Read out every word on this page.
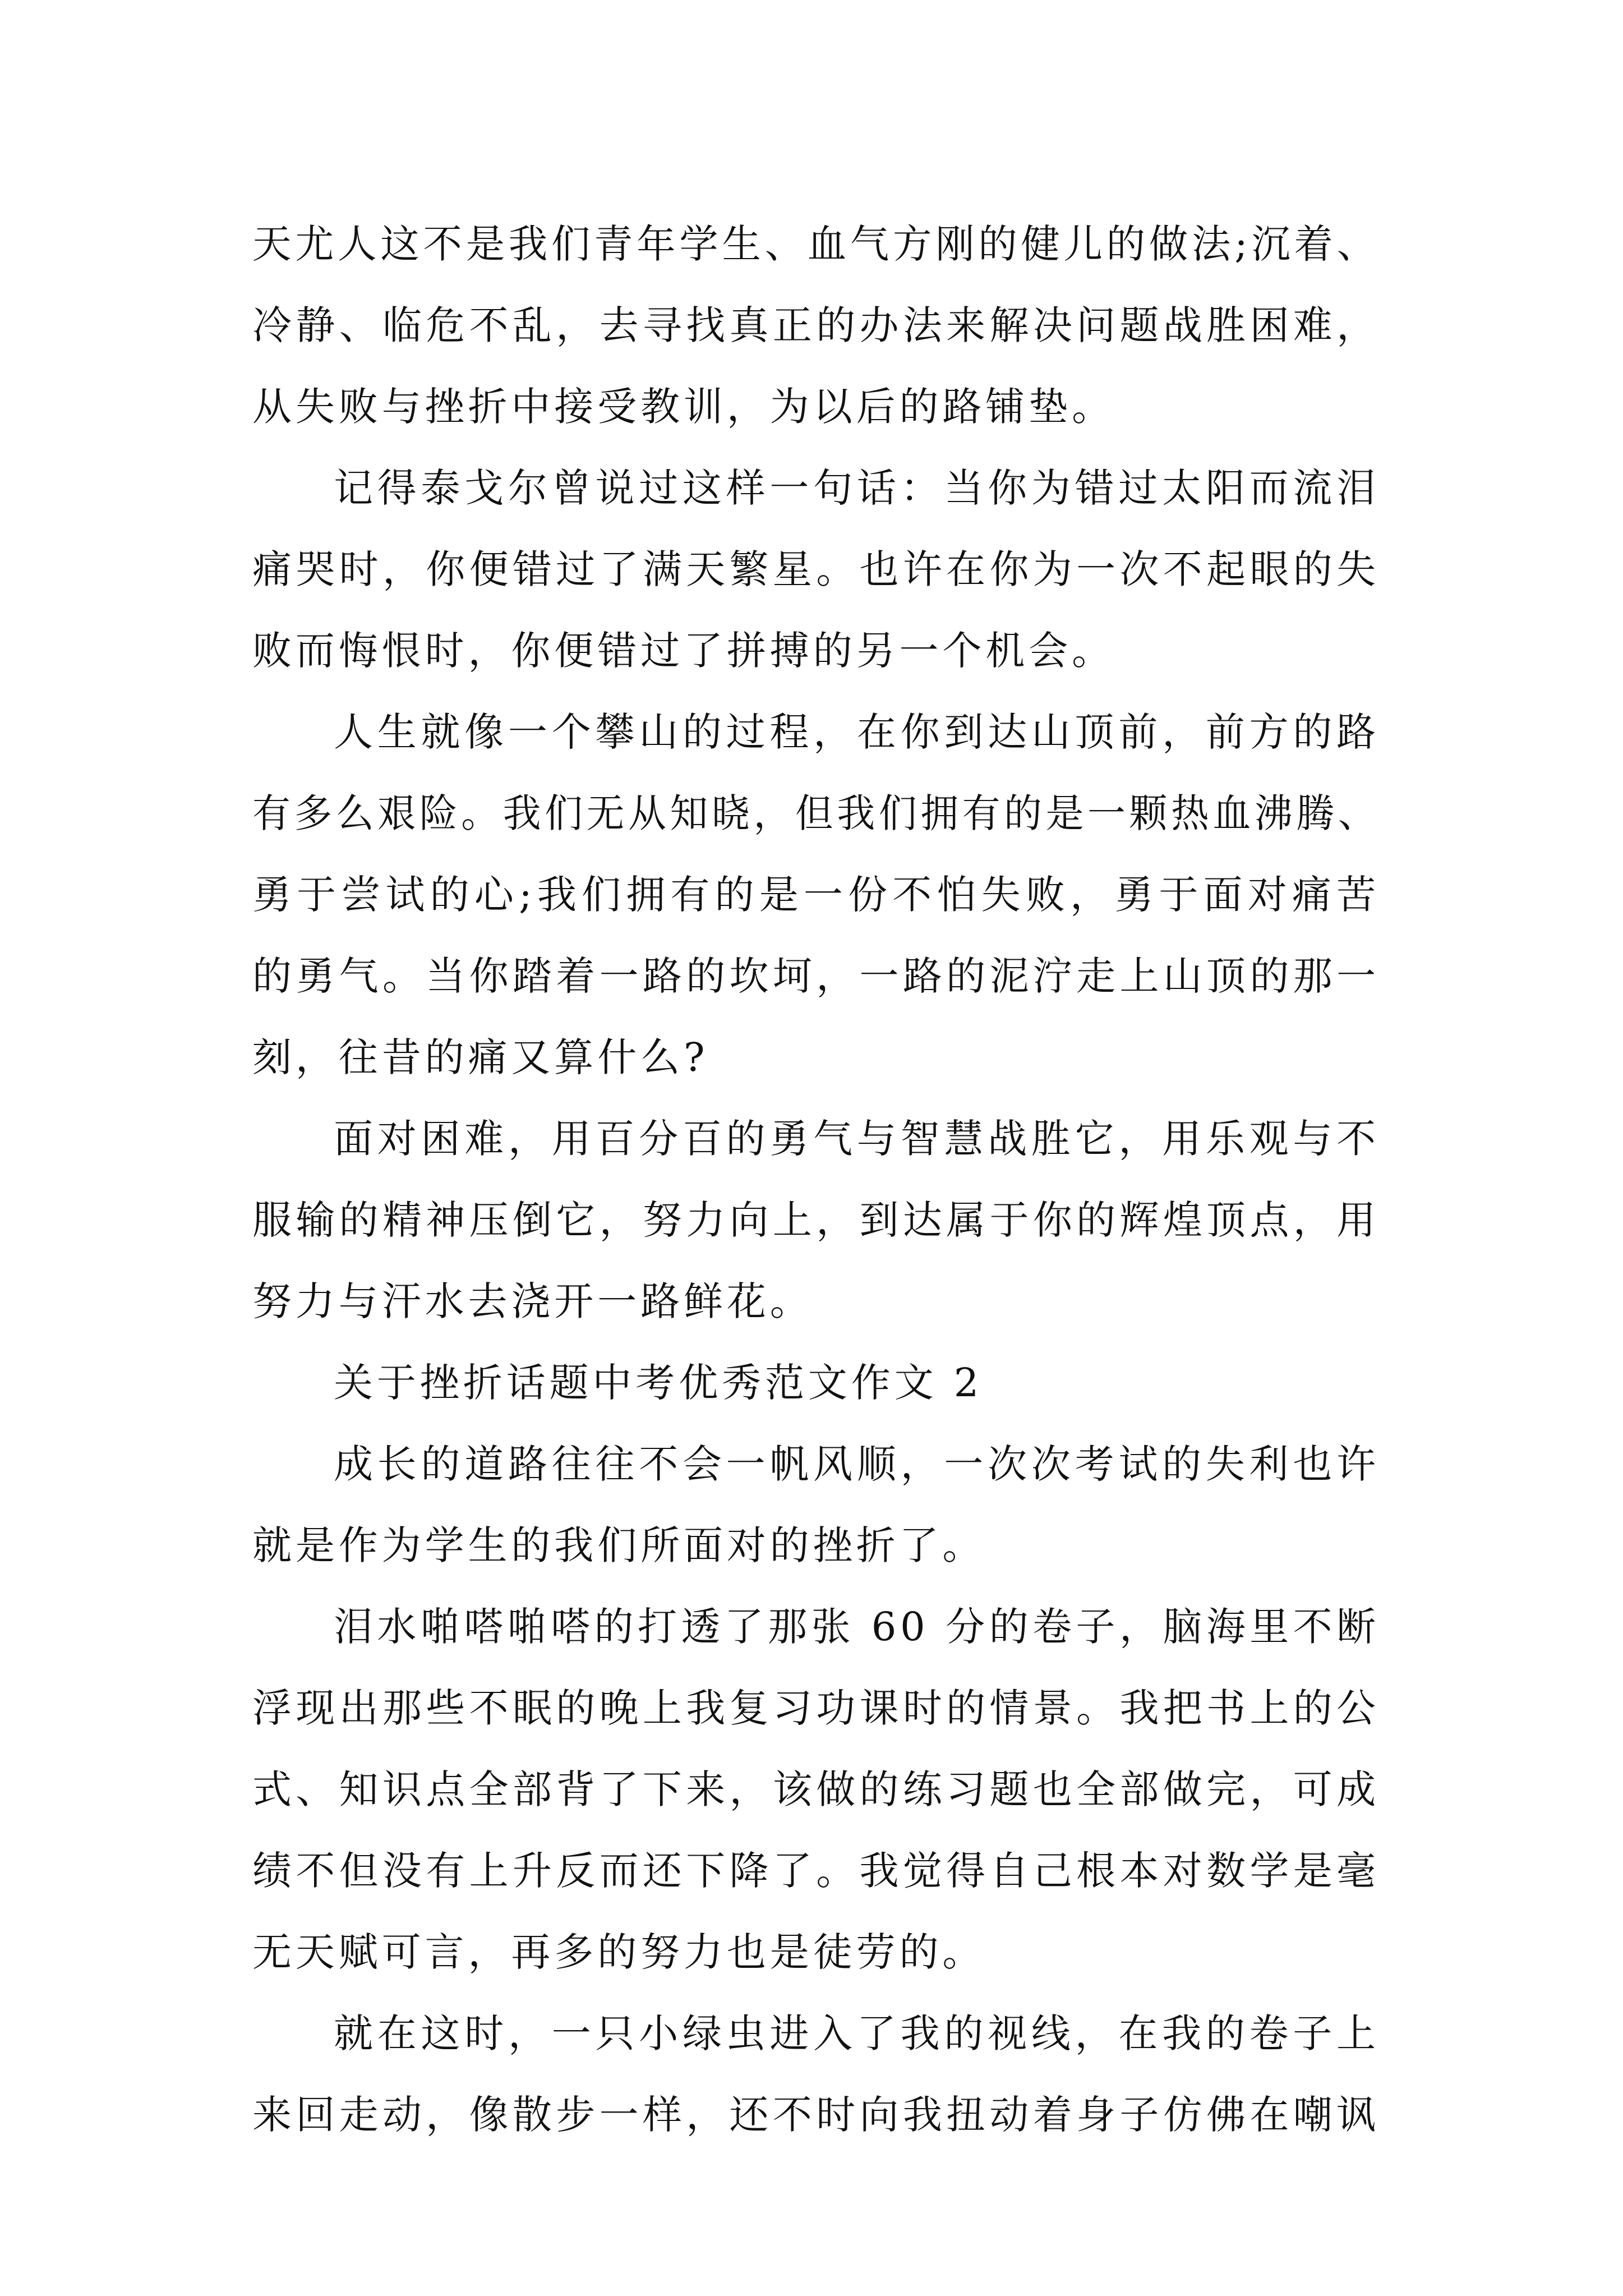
天尤人这不是我们青年学生、血气方刚的健儿的做法;沉着、

冷静、临危不乱，去寻找真正的办法来解决问题战胜困难，

从失败与挫折中接受教训，为以后的路铺垫。

记得泰戈尔曾说过这样一句话：当你为错过太阳而流泪

痛哭时，你便错过了满天繁星。也许在你为一次不起眼的失

败而悔恨时，你便错过了拼搏的另一个机会。

人生就像一个攀山的过程，在你到达山顶前，前方的路

有多么艰险。我们无从知晓，但我们拥有的是一颗热血沸腾、

勇于尝试的心;我们拥有的是一份不怕失败，勇于面对痛苦

的勇气。当你踏着一路的坎坷，一路的泥泞走上山顶的那一

刻，往昔的痛又算什么?

面对困难，用百分百的勇气与智慧战胜它，用乐观与不

服输的精神压倒它，努力向上，到达属于你的辉煌顶点，用

努力与汗水去浇开一路鲜花。

关于挫折话题中考优秀范文作文 2

成长的道路往往不会一帆风顺，一次次考试的失利也许

就是作为学生的我们所面对的挫折了。

泪水啪嗒啪嗒的打透了那张 60 分的卷子，脑海里不断

浮现出那些不眠的晚上我复习功课时的情景。我把书上的公

式、知识点全部背了下来，该做的练习题也全部做完，可成

绩不但没有上升反而还下降了。我觉得自己根本对数学是毫

无天赋可言，再多的努力也是徒劳的。

就在这时，一只小绿虫进入了我的视线，在我的卷子上

来回走动，像散步一样，还不时向我扭动着身子仿佛在嘲讽
